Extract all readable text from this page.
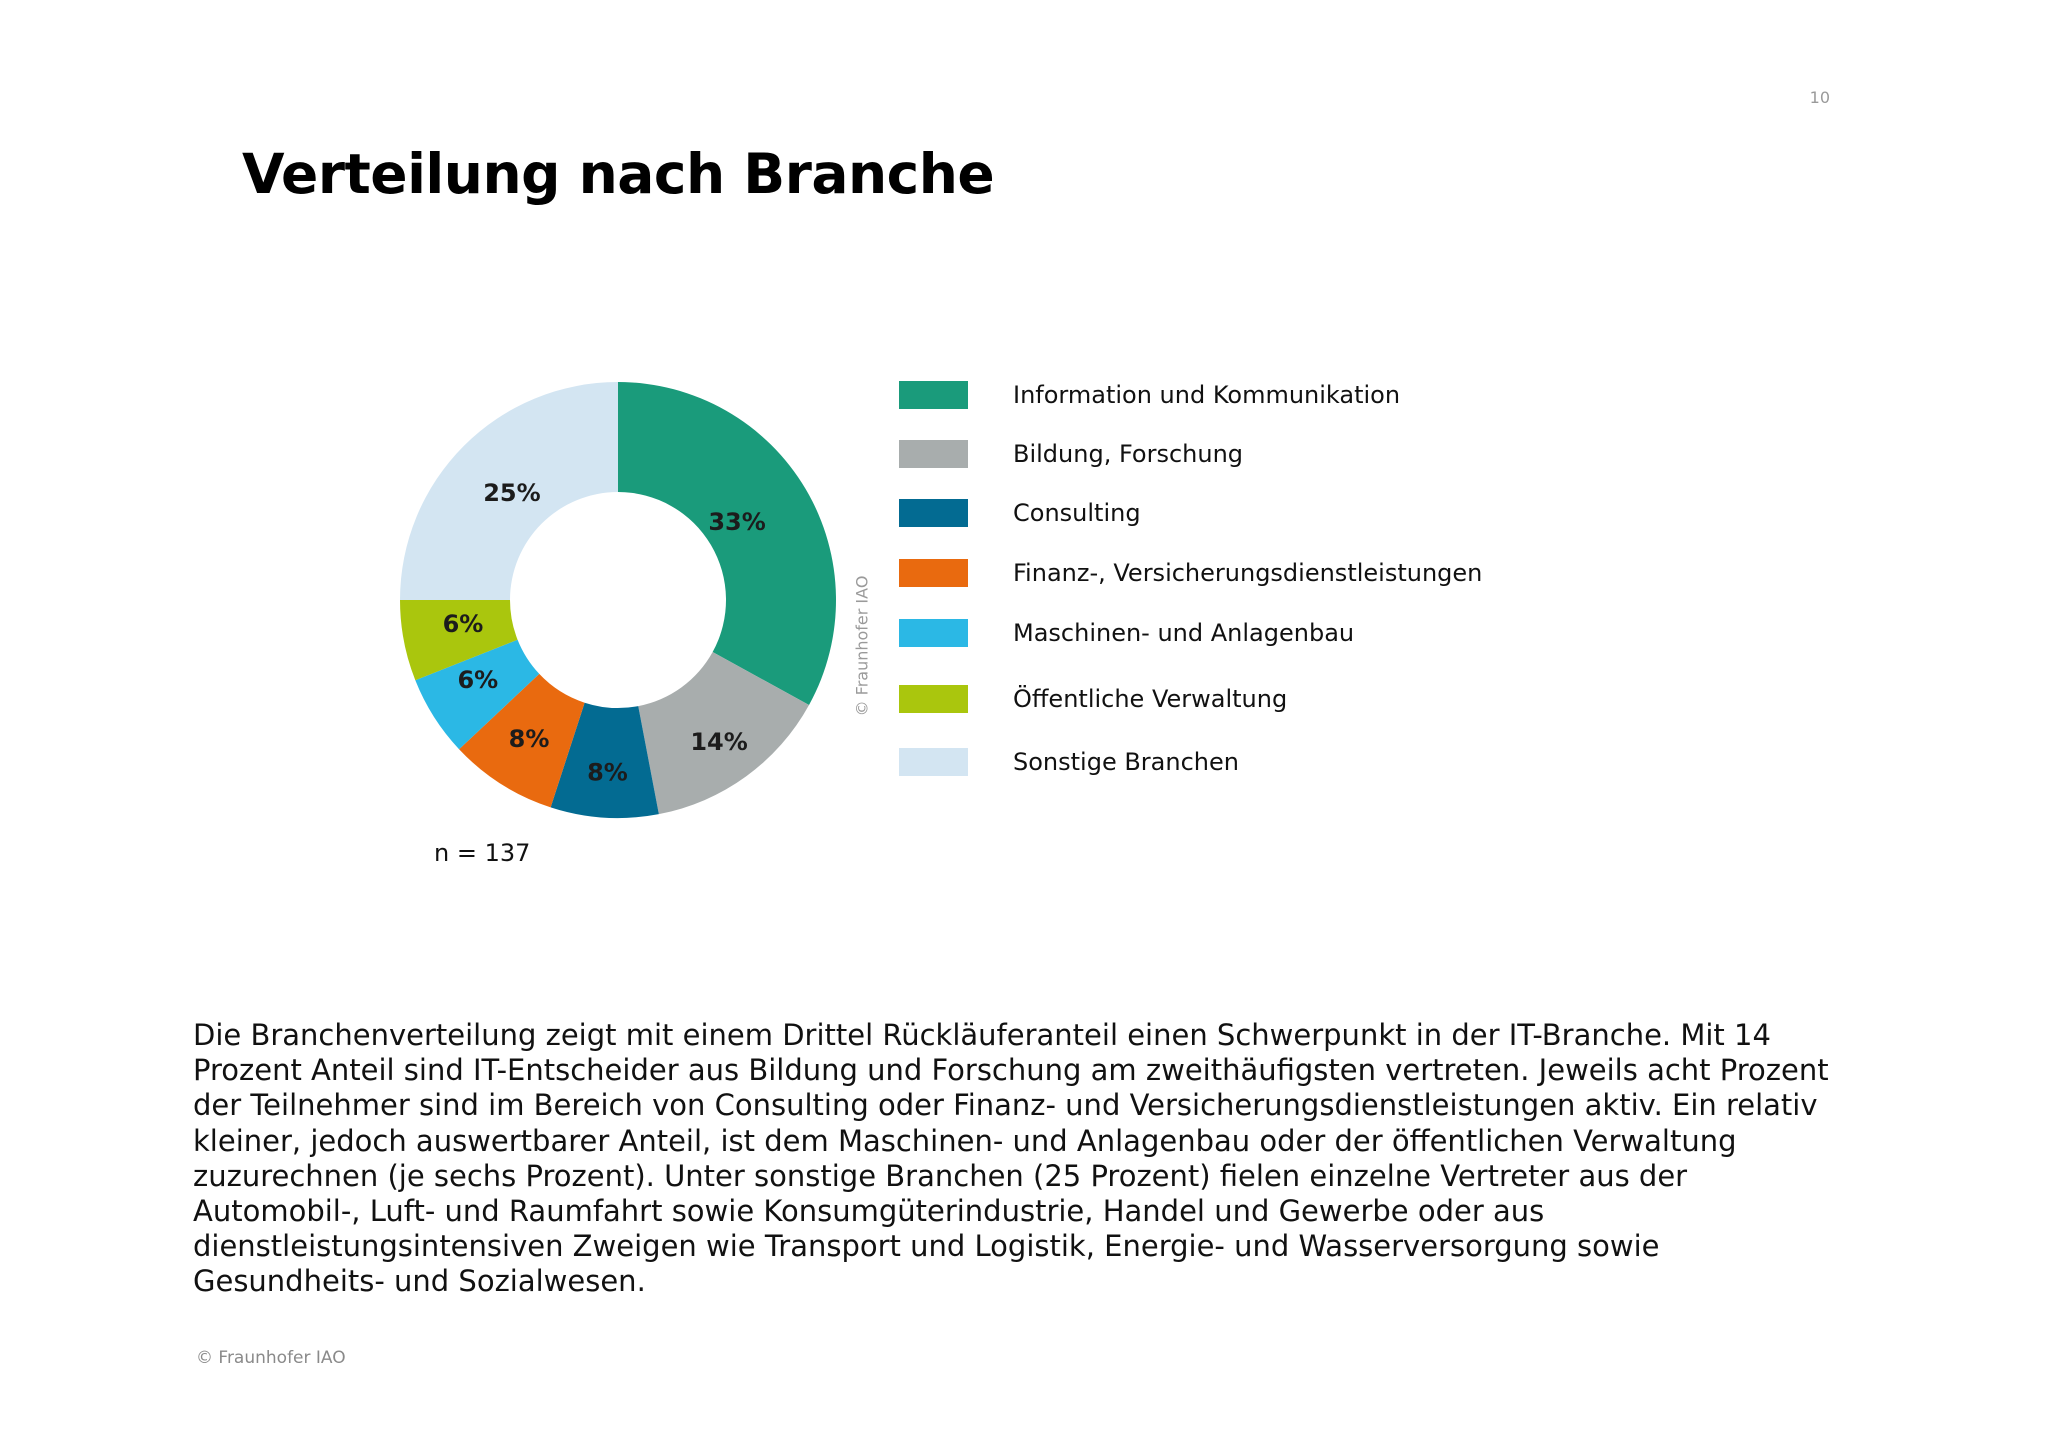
10
Verteilung nach Branche
33%
14%
8%
8%
6%
6%
25%
© Fraunhofer IAO
Information und Kommunikation
Bildung, Forschung
Consulting
Finanz-, Versicherungsdienstleistungen
Maschinen- und Anlagenbau
Öffentliche Verwaltung
Sonstige Branchen
n = 137

Die Branchenverteilung zeigt mit einem Drittel Rückläuferanteil einen Schwerpunkt in der IT-Branche. Mit 14 Prozent Anteil sind IT-Entscheider aus Bildung und Forschung am zweithäufigsten vertreten. Jeweils acht Prozent der Teilnehmer sind im Bereich von Consulting oder Finanz- und Versicherungsdienstleistungen aktiv. Ein relativ kleiner, jedoch auswertbarer Anteil, ist dem Maschinen- und Anlagenbau oder der öffentlichen Verwaltung zuzurechnen (je sechs Prozent). Unter sonstige Branchen (25 Prozent) fielen einzelne Vertreter aus der Automobil-, Luft- und Raumfahrt sowie Konsumgüterindustrie, Handel und Gewerbe oder aus dienstleistungsintensiven Zweigen wie Transport und Logistik, Energie- und Wasserversorgung sowie Gesundheits- und Sozialwesen.

© Fraunhofer IAO
